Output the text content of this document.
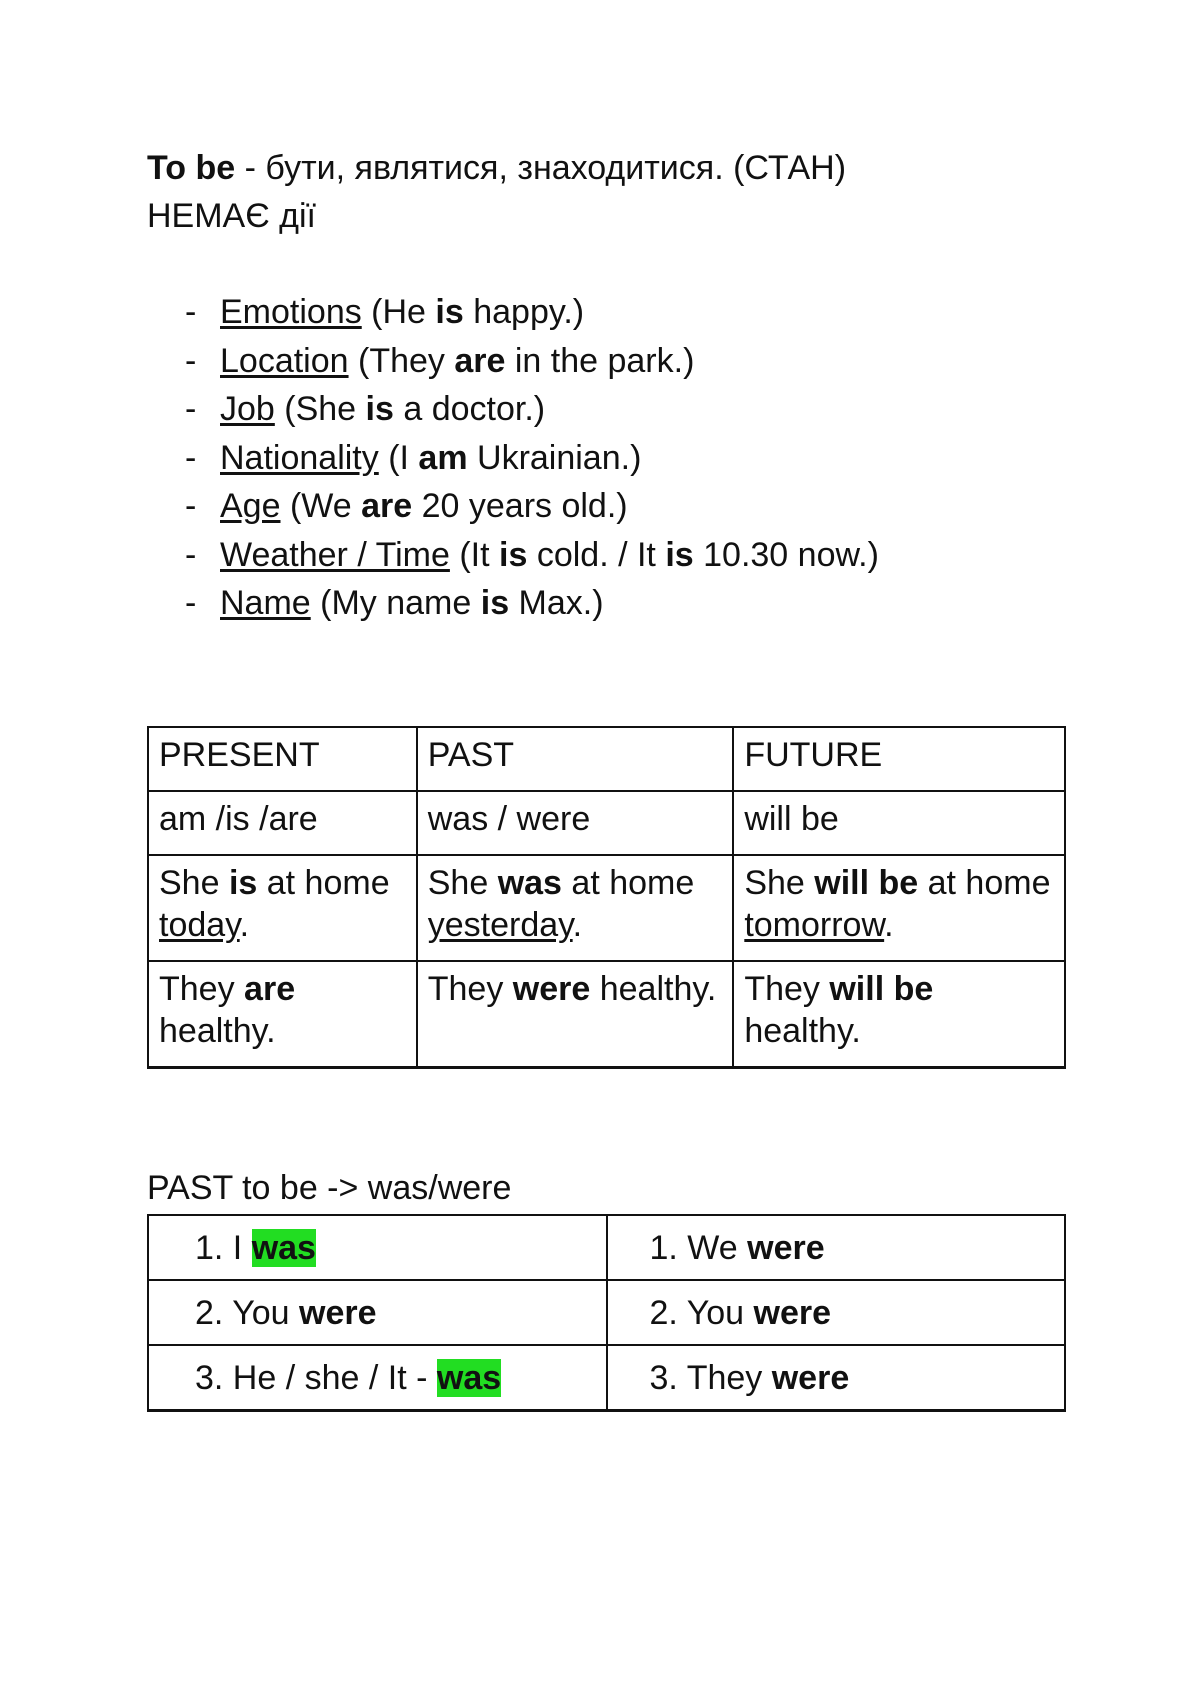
To be - бути, являтися, знаходитися. (СТАН)
НЕМАЄ дії
- Emotions (He is happy.)
- Location (They are in the park.)
- Job (She is a doctor.)
- Nationality (I am Ukrainian.)
- Age (We are 20 years old.)
- Weather / Time (It is cold. / It is 10.30 now.)
- Name (My name is Max.)
PRESENT	PAST	FUTURE
am /is /are	was / were	will be
She is at home today.	She was at home yesterday.	She will be at home tomorrow.
They are healthy.	They were healthy.	They will be healthy.
PAST to be -> was/were
1. I was	1. We were
2. You were	2. You were
3. He / she / It - was	3. They were
